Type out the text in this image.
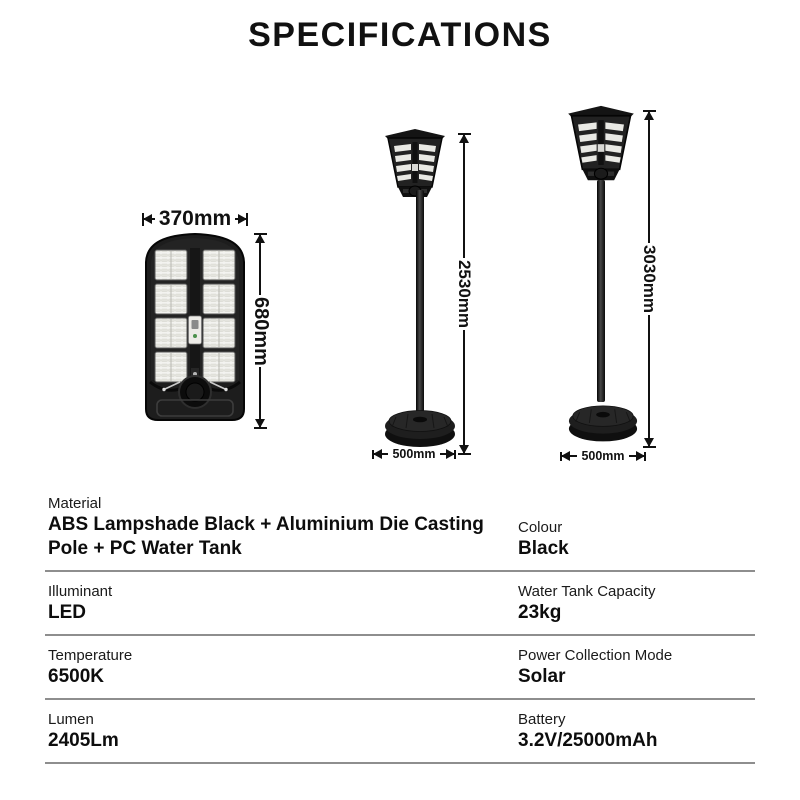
SPECIFICATIONS
370mm
680mm
2530mm
500mm
3030mm
500mm
Material
ABS Lampshade Black + Aluminium Die Casting Pole + PC Water Tank
Colour
Black
Illuminant
LED
Water Tank Capacity
23kg
Temperature
6500K
Power Collection Mode
Solar
Lumen
2405Lm
Battery
3.2V/25000mAh
